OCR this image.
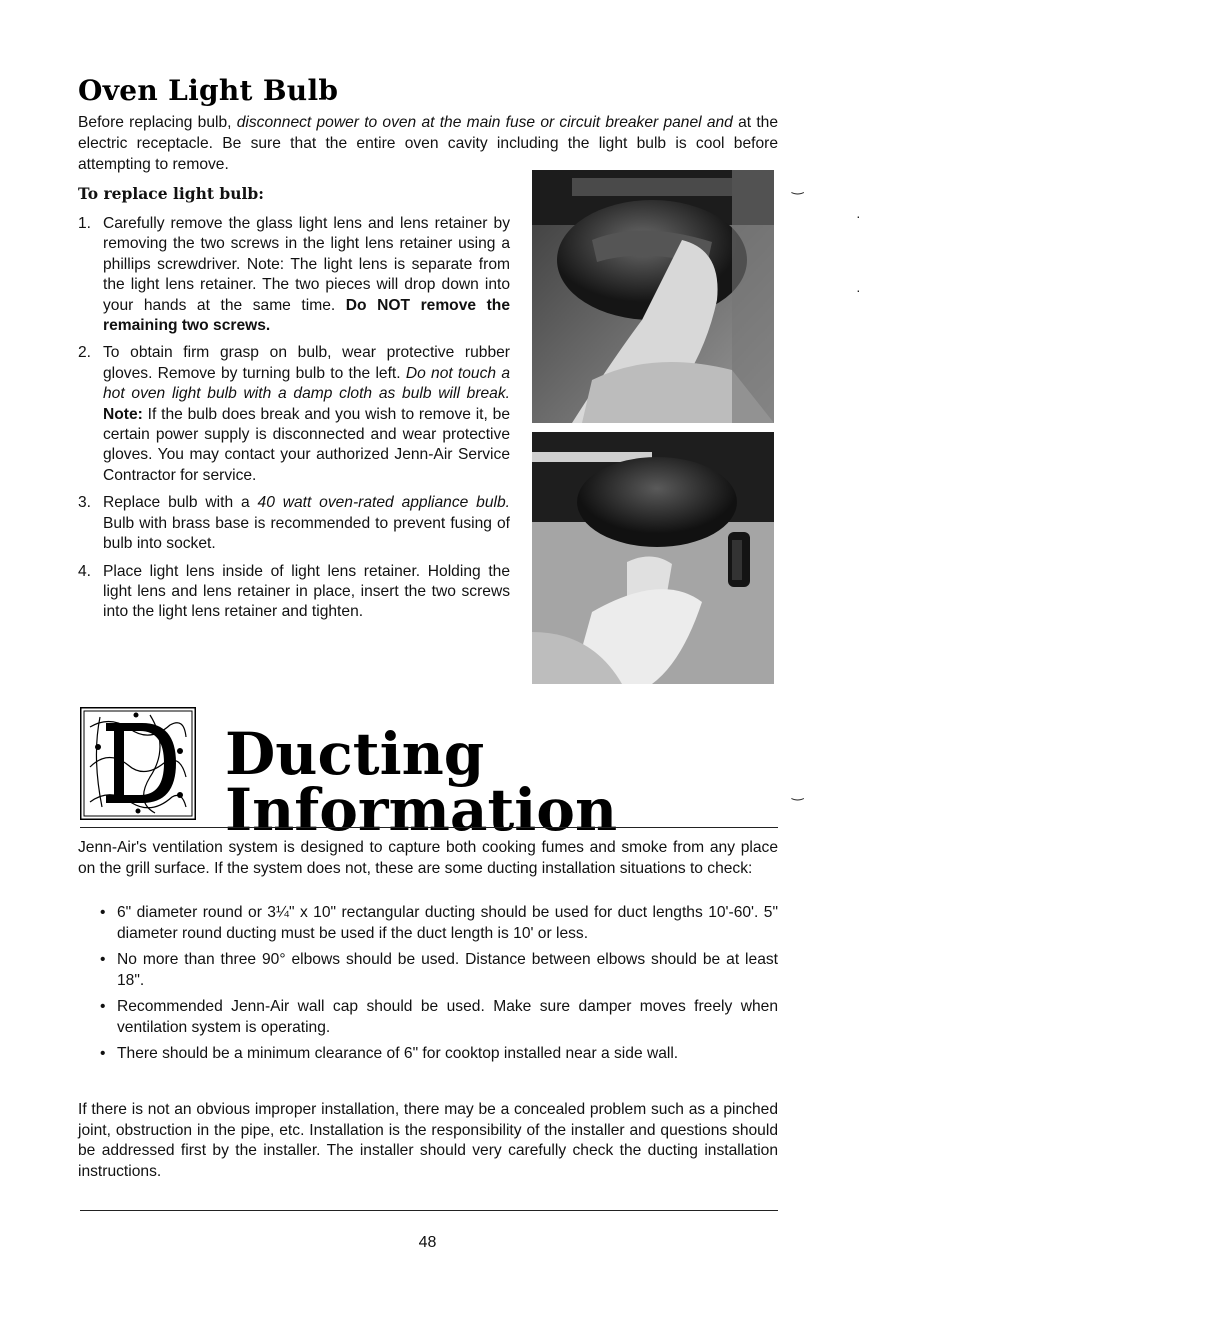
Oven Light Bulb
Before replacing bulb, disconnect power to oven at the main fuse or circuit breaker panel and at the electric receptacle. Be sure that the entire oven cavity including the light bulb is cool before attempting to remove.
To replace light bulb:
1. Carefully remove the glass light lens and lens retainer by removing the two screws in the light lens retainer using a phillips screwdriver. Note: The light lens is separate from the light lens retainer. The two pieces will drop down into your hands at the same time. Do NOT remove the remaining two screws.
2. To obtain firm grasp on bulb, wear protective rubber gloves. Remove by turning bulb to the left. Do not touch a hot oven light bulb with a damp cloth as bulb will break. Note: If the bulb does break and you wish to remove it, be certain power supply is disconnected and wear protective gloves. You may contact your authorized Jenn-Air Service Contractor for service.
3. Replace bulb with a 40 watt oven-rated appliance bulb. Bulb with brass base is recommended to prevent fusing of bulb into socket.
4. Place light lens inside of light lens retainer. Holding the light lens and lens retainer in place, insert the two screws into the light lens retainer and tighten.
Ducting
Information
Jenn-Air's ventilation system is designed to capture both cooking fumes and smoke from any place on the grill surface. If the system does not, these are some ducting installation situations to check:
• 6" diameter round or 3¼" x 10" rectangular ducting should be used for duct lengths 10'-60'. 5" diameter round ducting must be used if the duct length is 10' or less.
• No more than three 90° elbows should be used. Distance between elbows should be at least 18".
• Recommended Jenn-Air wall cap should be used. Make sure damper moves freely when ventilation system is operating.
• There should be a minimum clearance of 6" for cooktop installed near a side wall.
If there is not an obvious improper installation, there may be a concealed problem such as a pinched joint, obstruction in the pipe, etc. Installation is the responsibility of the installer and questions should be addressed first by the installer. The installer should very carefully check the ducting installation instructions.
48
‿
·
·
‿
